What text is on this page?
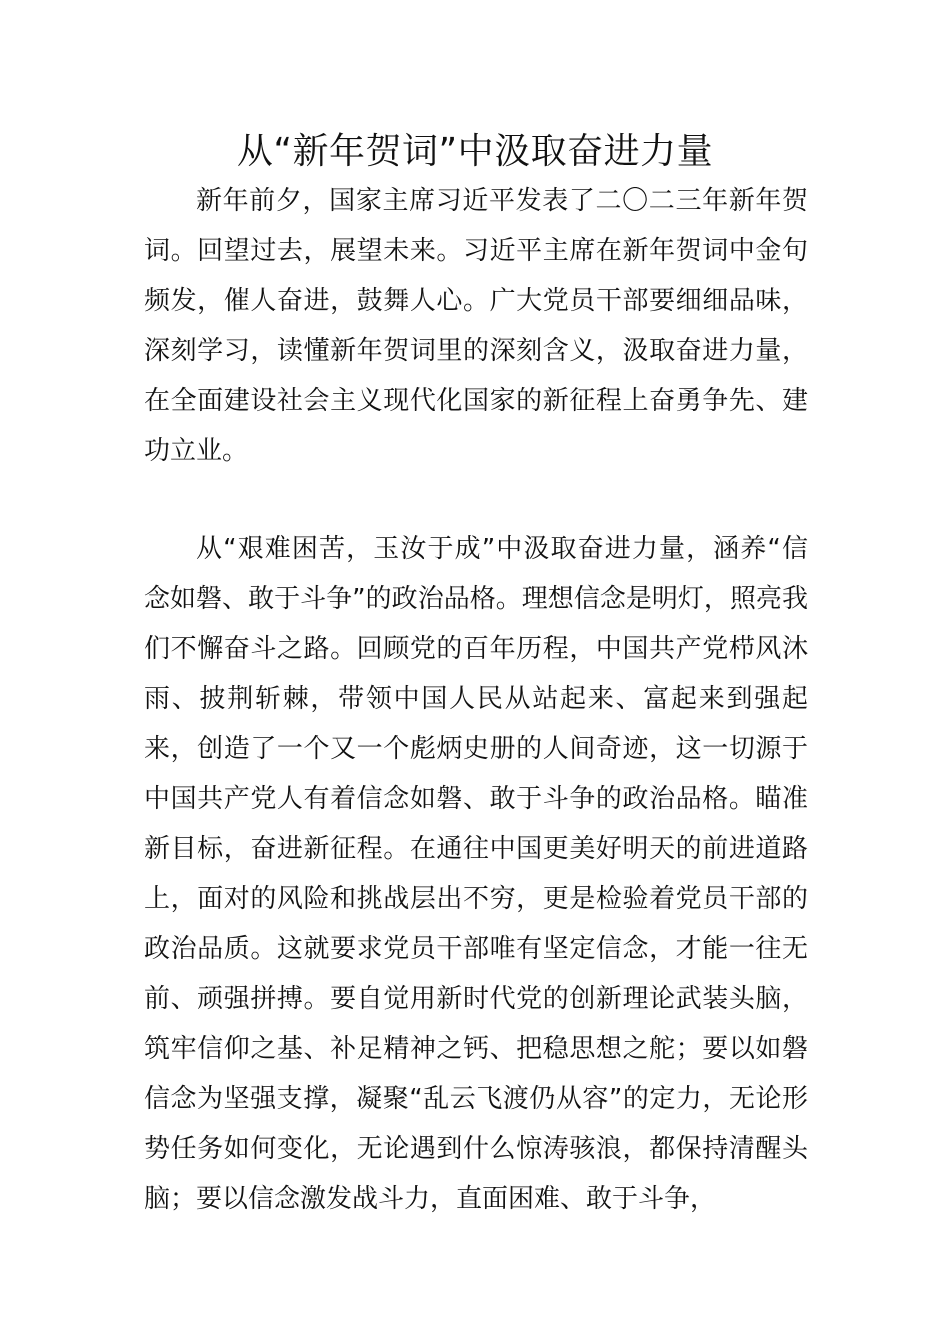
从“新年贺词”中汲取奋进力量

新年前夕，国家主席习近平发表了二〇二三年新年贺词。回望过去，展望未来。习近平主席在新年贺词中金句频发，催人奋进，鼓舞人心。广大党员干部要细细品味，深刻学习，读懂新年贺词里的深刻含义，汲取奋进力量，在全面建设社会主义现代化国家的新征程上奋勇争先、建功立业。

从“艰难困苦，玉汝于成”中汲取奋进力量，涵养“信念如磐、敢于斗争”的政治品格。理想信念是明灯，照亮我们不懈奋斗之路。回顾党的百年历程，中国共产党栉风沐雨、披荆斩棘，带领中国人民从站起来、富起来到强起来，创造了一个又一个彪炳史册的人间奇迹，这一切源于中国共产党人有着信念如磐、敢于斗争的政治品格。瞄准新目标，奋进新征程。在通往中国更美好明天的前进道路上，面对的风险和挑战层出不穷，更是检验着党员干部的政治品质。这就要求党员干部唯有坚定信念，才能一往无前、顽强拼搏。要自觉用新时代党的创新理论武装头脑，筑牢信仰之基、补足精神之钙、把稳思想之舵；要以如磐信念为坚强支撑，凝聚“乱云飞渡仍从容”的定力，无论形势任务如何变化，无论遇到什么惊涛骇浪，都保持清醒头脑；要以信念激发战斗力，直面困难、敢于斗争，
